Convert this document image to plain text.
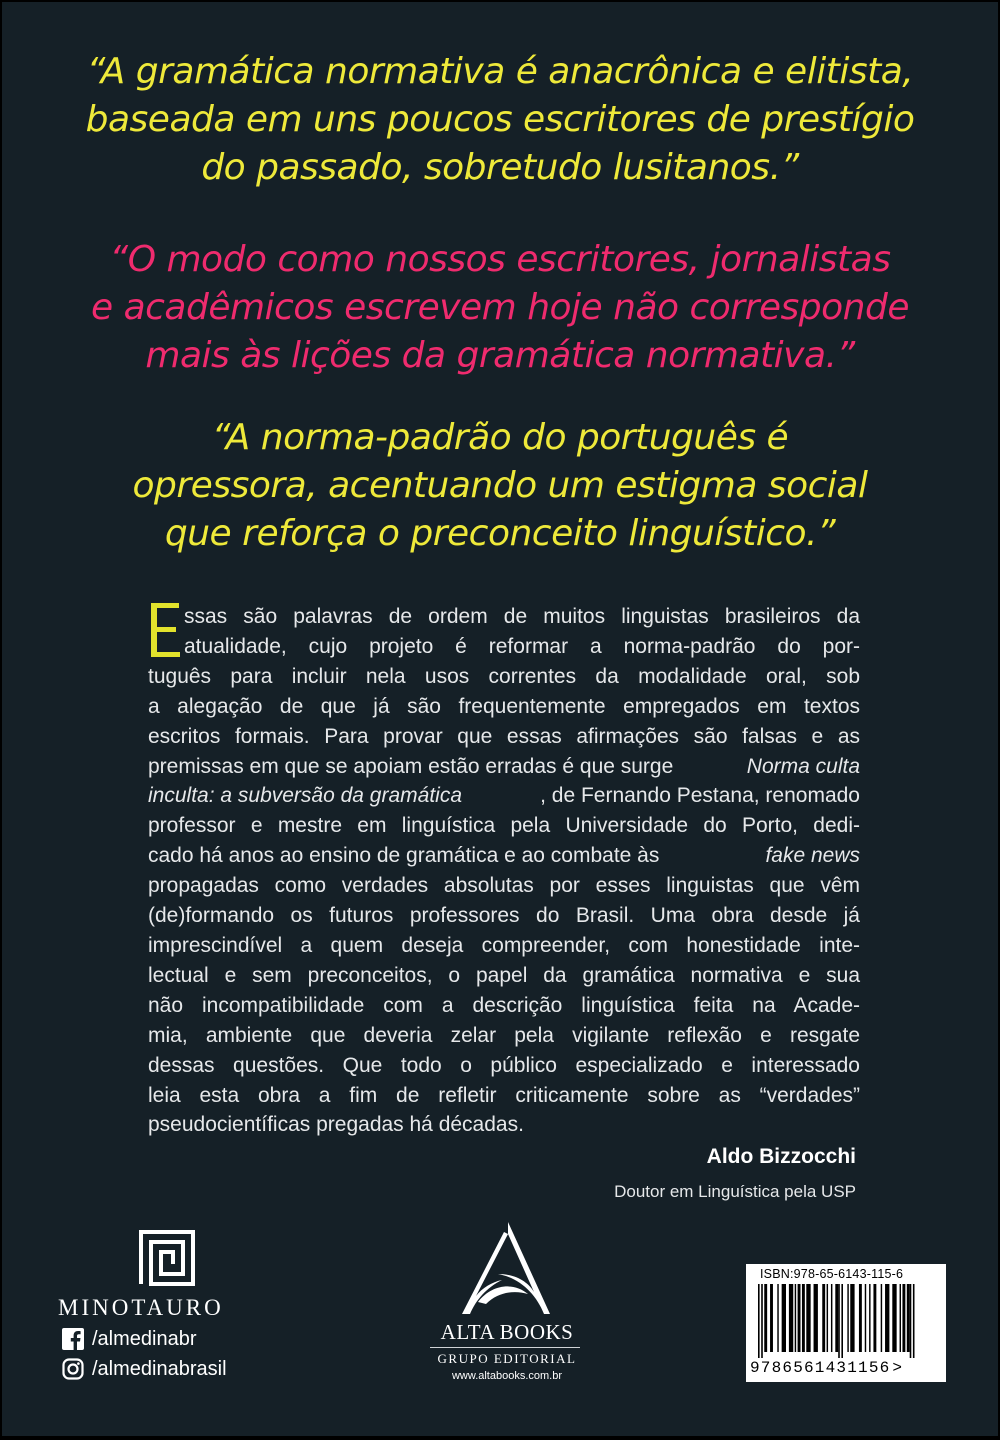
“A gramática normativa é anacrônica e elitista,
baseada em uns poucos escritores de prestígio
do passado, sobretudo lusitanos.”
“O modo como nossos escritores, jornalistas
e acadêmicos escrevem hoje não corresponde
mais às lições da gramática normativa.”
“A norma-padrão do português é
opressora, acentuando um estigma social
que reforça o preconceito linguístico.”
E
ssas são palavras de ordem de muitos linguistas brasileiros da
atualidade, cujo projeto é reformar a norma-padrão do por-
tuguês para incluir nela usos correntes da modalidade oral, sob
a alegação de que já são frequentemente empregados em textos
escritos formais. Para provar que essas afirmações são falsas e as
premissas em que se apoiam estão erradas é que surge	Norma culta
inculta: a subversão da gramática	, de Fernando Pestana, renomado
professor e mestre em linguística pela Universidade do Porto, dedi-
cado há anos ao ensino de gramática e ao combate às	fake news
propagadas como verdades absolutas por esses linguistas que vêm
(de)formando os futuros professores do Brasil. Uma obra desde já
imprescindível a quem deseja compreender, com honestidade inte-
lectual e sem preconceitos, o papel da gramática normativa e sua
não incompatibilidade com a descrição linguística feita na Acade-
mia, ambiente que deveria zelar pela vigilante reflexão e resgate
dessas questões. Que todo o público especializado e interessado
leia esta obra a fim de refletir criticamente sobre as “verdades”
pseudocientíficas pregadas há décadas.
Aldo Bizzocchi
Doutor em Linguística pela USP
MINOTAURO
/almedinabr
/almedinabrasil
ALTA BOOKS
GRUPO EDITORIAL
www.altabooks.com.br
ISBN:978-65-6143-115-6
9786561431156 >
